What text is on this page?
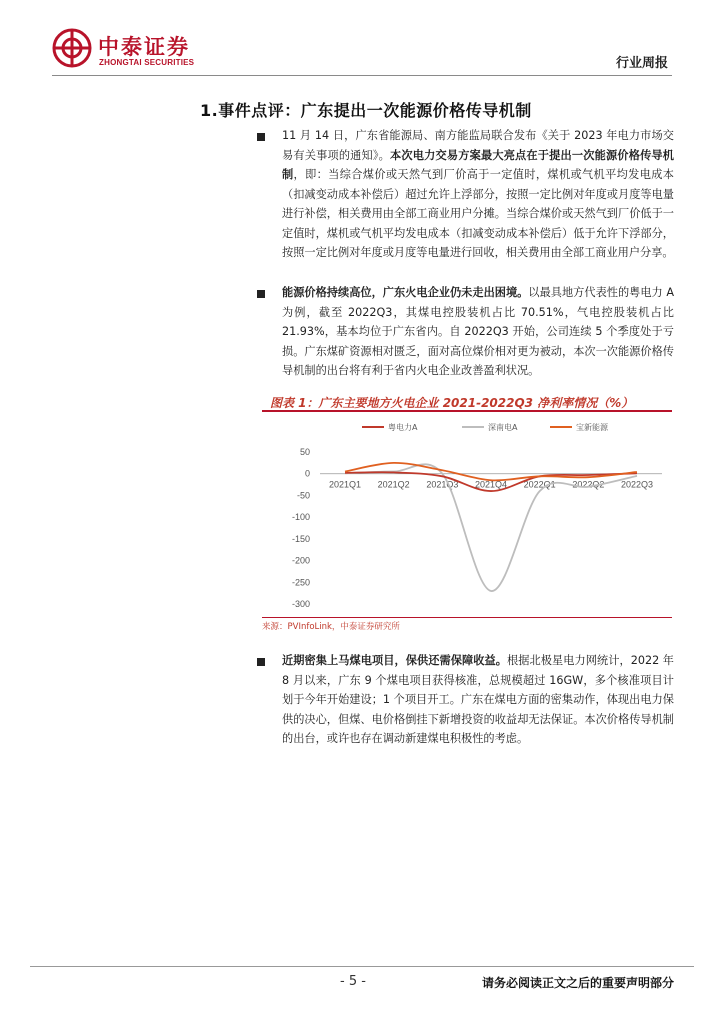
中泰证券
ZHONGTAI SECURITIES	行业周报
1.事件点评：广东提出一次能源价格传导机制
11 月 14 日，广东省能源局、南方能监局联合发布《关于 2023 年电力市场交易有关事项的通知》。本次电力交易方案最大亮点在于提出一次能源价格传导机制，即：当综合煤价或天然气到厂价高于一定值时，煤机或气机平均发电成本（扣减变动成本补偿后）超过允许上浮部分，按照一定比例对年度或月度等电量进行补偿，相关费用由全部工商业用户分摊。当综合煤价或天然气到厂价低于一定值时，煤机或气机平均发电成本（扣减变动成本补偿后）低于允许下浮部分，按照一定比例对年度或月度等电量进行回收，相关费用由全部工商业用户分享。
能源价格持续高位，广东火电企业仍未走出困境。以最具地方代表性的粤电力 A 为例，截至 2022Q3，其煤电控股装机占比 70.51%，气电控股装机占比 21.93%，基本均位于广东省内。自 2022Q3 开始，公司连续 5 个季度处于亏损。广东煤矿资源相对匮乏，面对高位煤价相对更为被动，本次一次能源价格传导机制的出台将有利于省内火电企业改善盈利状况。
图表 1：广东主要地方火电企业 2021-2022Q3 净利率情况（%）
粤电力A	深南电A	宝新能源
50
0
-50
-100
-150
-200
-250
-300
2021Q1 2021Q2 2021Q3 2021Q4 2022Q1 2022Q2 2022Q3
来源：PVInfoLink，中泰证券研究所
近期密集上马煤电项目，保供还需保障收益。根据北极星电力网统计，2022 年 8 月以来，广东 9 个煤电项目获得核准，总规模超过 16GW，多个核准项目计划于今年开始建设；1 个项目开工。广东在煤电方面的密集动作，体现出电力保供的决心，但煤、电价格倒挂下新增投资的收益却无法保证。本次价格传导机制的出台，或许也存在调动新建煤电积极性的考虑。
- 5 -	请务必阅读正文之后的重要声明部分
